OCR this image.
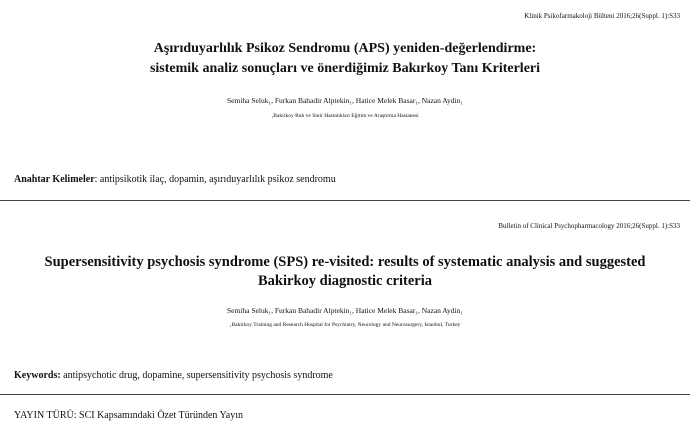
Klinik Psikofarmakoloji Bülteni 2016;26(Suppl. 1):S33
Aşırıduyarlılık Psikoz Sendromu (APS) yeniden-değerlendirme:
sistemik analiz sonuçları ve önerdiğimiz Bakırkoy Tanı Kriterleri
Semiha Seluk₁, Furkan Bahadir Alptekin₁, Hatice Melek Basar₁, Nazan Aydin₁
₁Bakirkoy Ruh ve Sinir Hastalıkları Eğitim ve Araştırma Hastanesi
Anahtar Kelimeler: antipsikotik ilaç, dopamin, aşırıduyarlılık psikoz sendromu
Bulletin of Clinical Psychopharmacology 2016;26(Suppl. 1):S33
Supersensitivity psychosis syndrome (SPS) re-visited: results of systematic analysis and suggested
Bakirkoy diagnostic criteria
Semiha Seluk₁, Furkan Bahadir Alptekin₁, Hatice Melek Basar₁, Nazan Aydin₁
₁Bakirkoy Training and Research Hospital for Psychiatry, Neurology and Neurosurgery, Istanbul, Turkey
Keywords: antipsychotic drug, dopamine, supersensitivity psychosis syndrome
YAYIN TÜRÜ: SCI Kapsamındaki Özet Türünden Yayın
